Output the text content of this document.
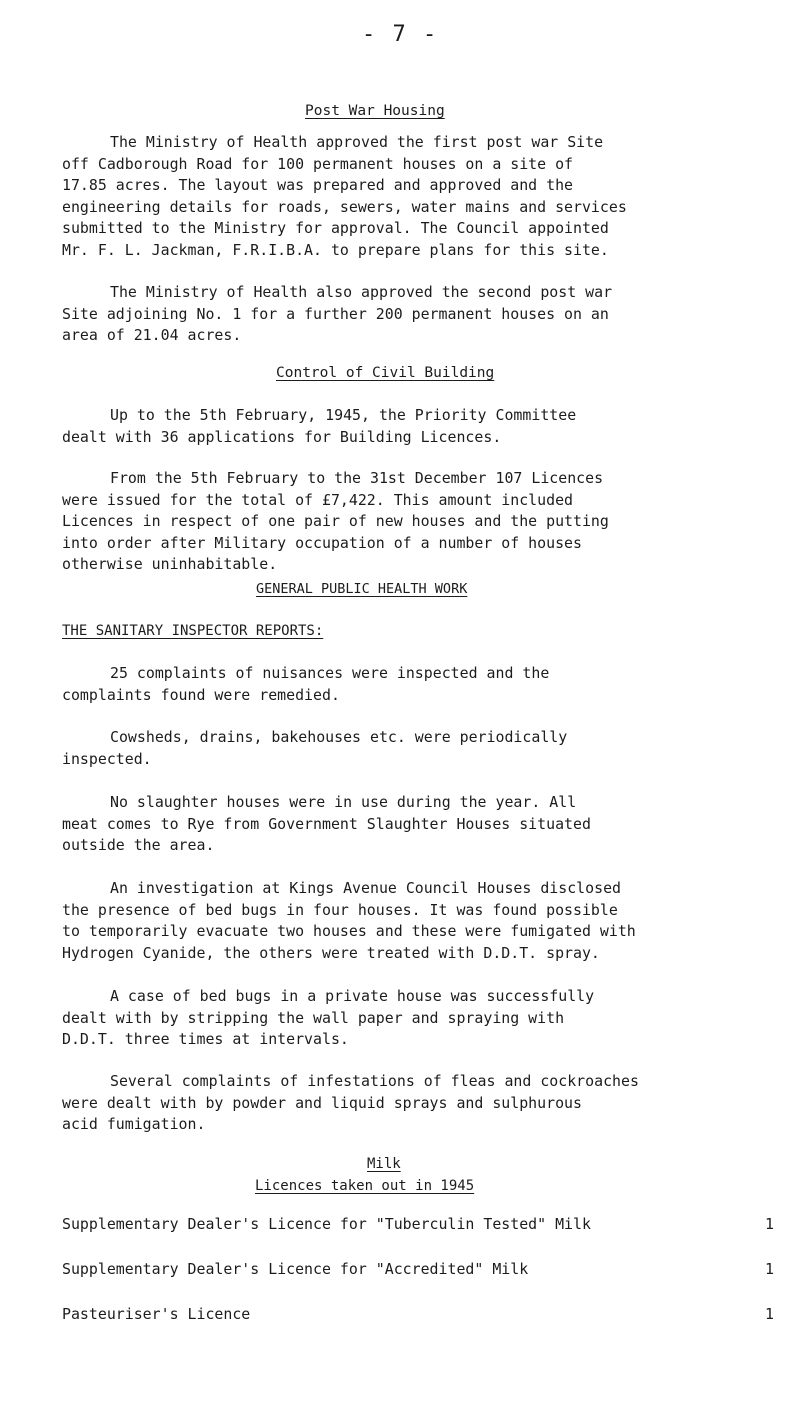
- 7 -
Post War Housing
The Ministry of Health approved the first post war Site
off Cadborough Road for 100 permanent houses on a site of
17.85 acres. The layout was prepared and approved and the
engineering details for roads, sewers, water mains and services
submitted to the Ministry for approval. The Council appointed
Mr. F. L. Jackman, F.R.I.B.A. to prepare plans for this site.
The Ministry of Health also approved the second post war
Site adjoining No. 1 for a further 200 permanent houses on an
area of 21.04 acres.
Control of Civil Building
Up to the 5th February, 1945, the Priority Committee
dealt with 36 applications for Building Licences.
From the 5th February to the 31st December 107 Licences
were issued for the total of £7,422. This amount included
Licences in respect of one pair of new houses and the putting
into order after Military occupation of a number of houses
otherwise uninhabitable.
GENERAL PUBLIC HEALTH WORK
THE SANITARY INSPECTOR REPORTS:
25 complaints of nuisances were inspected and the
complaints found were remedied.
Cowsheds, drains, bakehouses etc. were periodically
inspected.
No slaughter houses were in use during the year. All
meat comes to Rye from Government Slaughter Houses situated
outside the area.
An investigation at Kings Avenue Council Houses disclosed
the presence of bed bugs in four houses. It was found possible
to temporarily evacuate two houses and these were fumigated with
Hydrogen Cyanide, the others were treated with D.D.T. spray.
A case of bed bugs in a private house was successfully
dealt with by stripping the wall paper and spraying with
D.D.T. three times at intervals.
Several complaints of infestations of fleas and cockroaches
were dealt with by powder and liquid sprays and sulphurous
acid fumigation.
Milk
Licences taken out in 1945
Supplementary Dealer's Licence for "Tuberculin Tested" Milk	1
Supplementary Dealer's Licence for "Accredited" Milk	1
Pasteuriser's Licence	1
